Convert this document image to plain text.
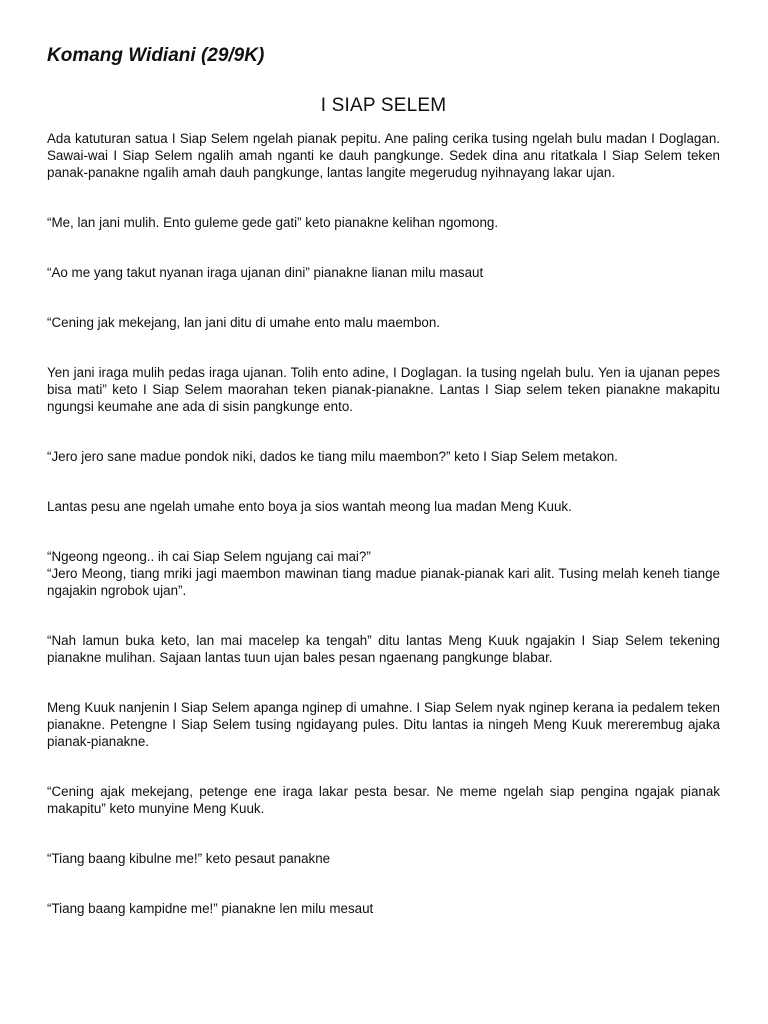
Komang Widiani (29/9K)
I SIAP SELEM

Ada katuturan satua I Siap Selem ngelah pianak pepitu. Ane paling cerika tusing ngelah bulu madan I Doglagan. Sawai-wai I Siap Selem ngalih amah nganti ke dauh pangkunge. Sedek dina anu ritatkala I Siap Selem teken panak-panakne ngalih amah dauh pangkunge, lantas langite megerudug nyihnayang lakar ujan.

“Me, lan jani mulih. Ento guleme gede gati” keto pianakne kelihan ngomong.

“Ao me yang takut nyanan iraga ujanan dini” pianakne lianan milu masaut

“Cening jak mekejang, lan jani ditu di umahe ento malu maembon.

Yen jani iraga mulih pedas iraga ujanan. Tolih ento adine, I Doglagan. Ia tusing ngelah bulu. Yen ia ujanan pepes bisa mati” keto I Siap Selem maorahan teken pianak-pianakne. Lantas I Siap selem teken pianakne makapitu ngungsi keumahe ane ada di sisin pangkunge ento.

“Jero jero sane madue pondok niki, dados ke tiang milu maembon?” keto I Siap Selem metakon.

Lantas pesu ane ngelah umahe ento boya ja sios wantah meong lua madan Meng Kuuk.

“Ngeong ngeong.. ih cai Siap Selem ngujang cai mai?”

“Jero Meong, tiang mriki jagi maembon mawinan tiang madue pianak-pianak kari alit. Tusing melah keneh tiange ngajakin ngrobok ujan”.

“Nah lamun buka keto, lan mai macelep ka tengah” ditu lantas Meng Kuuk ngajakin I Siap Selem tekening pianakne mulihan. Sajaan lantas tuun ujan bales pesan ngaenang pangkunge blabar.

Meng Kuuk nanjenin I Siap Selem apanga nginep di umahne. I Siap Selem nyak nginep kerana ia pedalem teken pianakne. Petengne I Siap Selem tusing ngidayang pules. Ditu lantas ia ningeh Meng Kuuk mererembug ajaka pianak-pianakne.

“Cening ajak mekejang, petenge ene iraga lakar pesta besar. Ne meme ngelah siap pengina ngajak pianak makapitu” keto munyine Meng Kuuk.

“Tiang baang kibulne me!” keto pesaut panakne

“Tiang baang kampidne me!” pianakne len milu mesaut
